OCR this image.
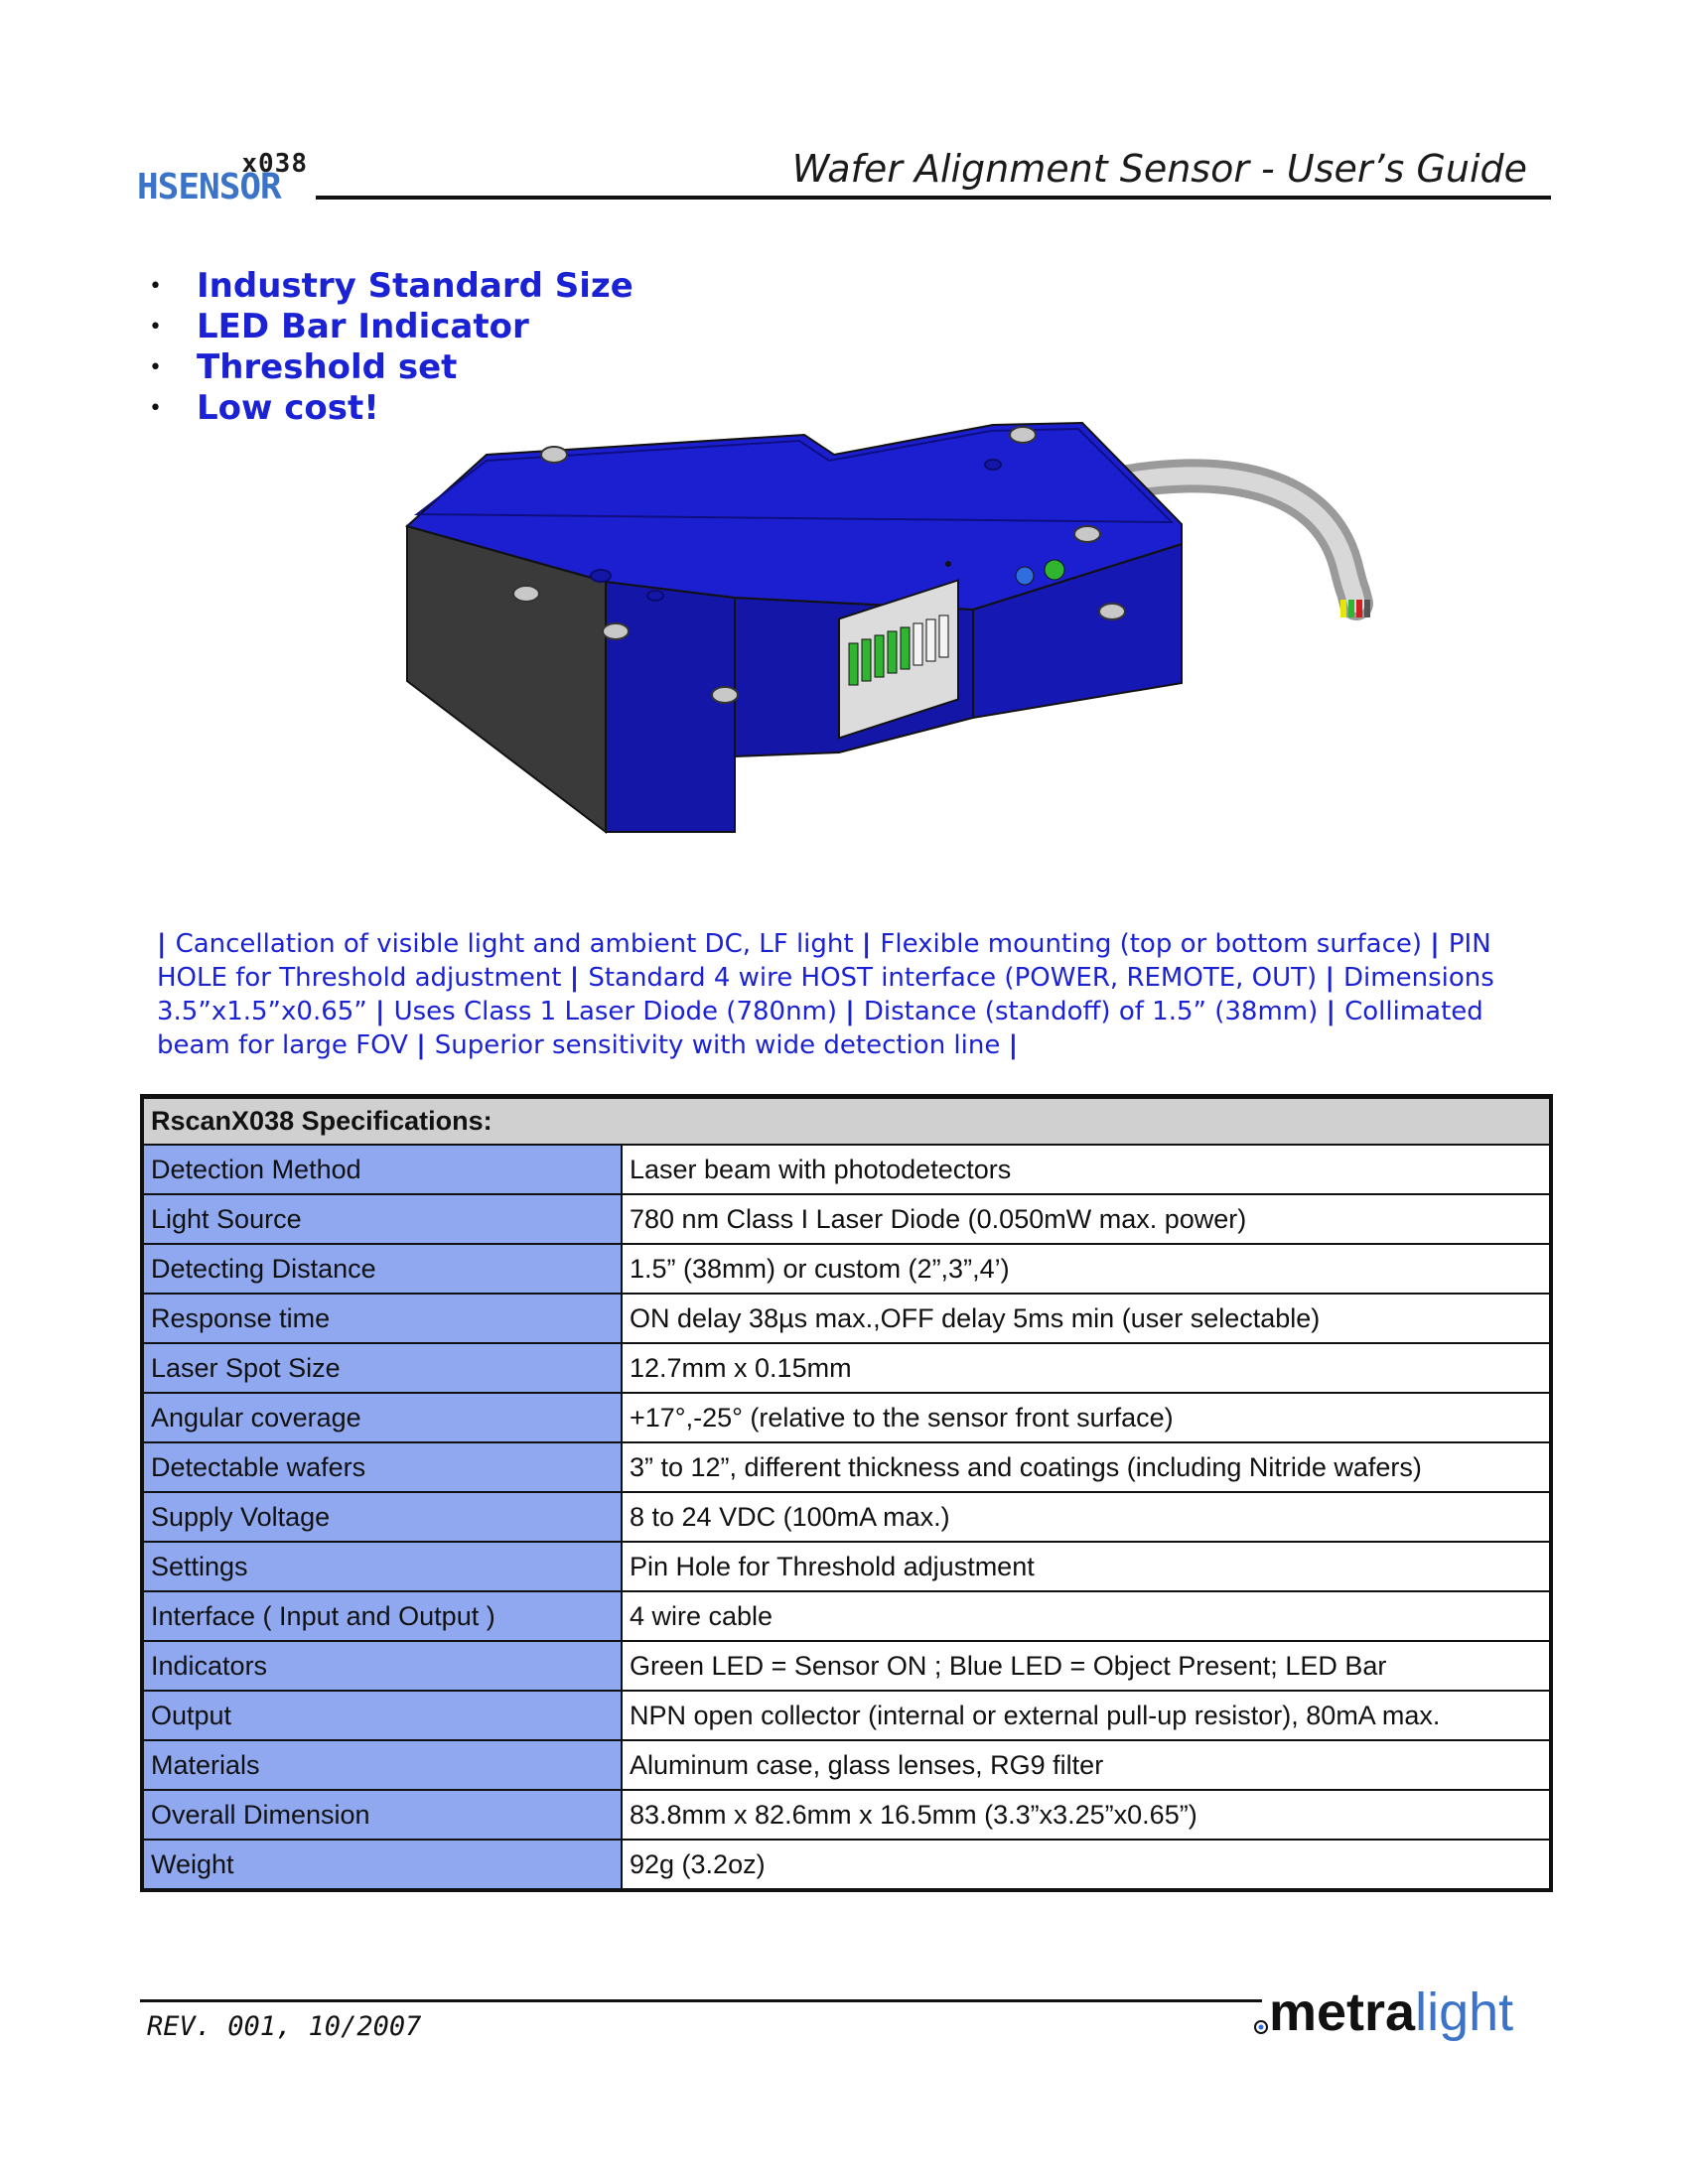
x038
HSENSOR	Wafer Alignment Sensor - User’s Guide
• Industry Standard Size
• LED Bar Indicator
• Threshold set
• Low cost!
| Cancellation of visible light and ambient DC, LF light | Flexible mounting (top or bottom surface) | PIN HOLE for Threshold adjustment | Standard 4 wire HOST interface (POWER, REMOTE, OUT) | Dimensions 3.5”x1.5”x0.65” | Uses Class 1 Laser Diode (780nm) | Distance (standoff) of 1.5” (38mm) | Collimated beam for large FOV | Superior sensitivity with wide detection line |
RscanX038 Specifications:	
Detection Method	Laser beam with photodetectors
Light Source	780 nm Class I Laser Diode (0.050mW max. power)
Detecting Distance	1.5” (38mm) or custom (2”,3”,4’)
Response time	ON delay 38µs max.,OFF delay 5ms min (user selectable)
Laser Spot Size	12.7mm x 0.15mm
Angular coverage	+17°,-25° (relative to the sensor front surface)
Detectable wafers	3” to 12”, different thickness and coatings (including Nitride wafers)
Supply Voltage	8 to 24 VDC (100mA max.)
Settings	Pin Hole for Threshold adjustment
Interface ( Input and Output )	4 wire cable
Indicators	Green LED = Sensor ON ; Blue LED = Object Present; LED Bar
Output	NPN open collector (internal or external pull-up resistor), 80mA max.
Materials	Aluminum case, glass lenses, RG9 filter
Overall Dimension	83.8mm x 82.6mm x 16.5mm (3.3”x3.25”x0.65”)
Weight	92g (3.2oz)
REV. 001, 10/2007	metralight
